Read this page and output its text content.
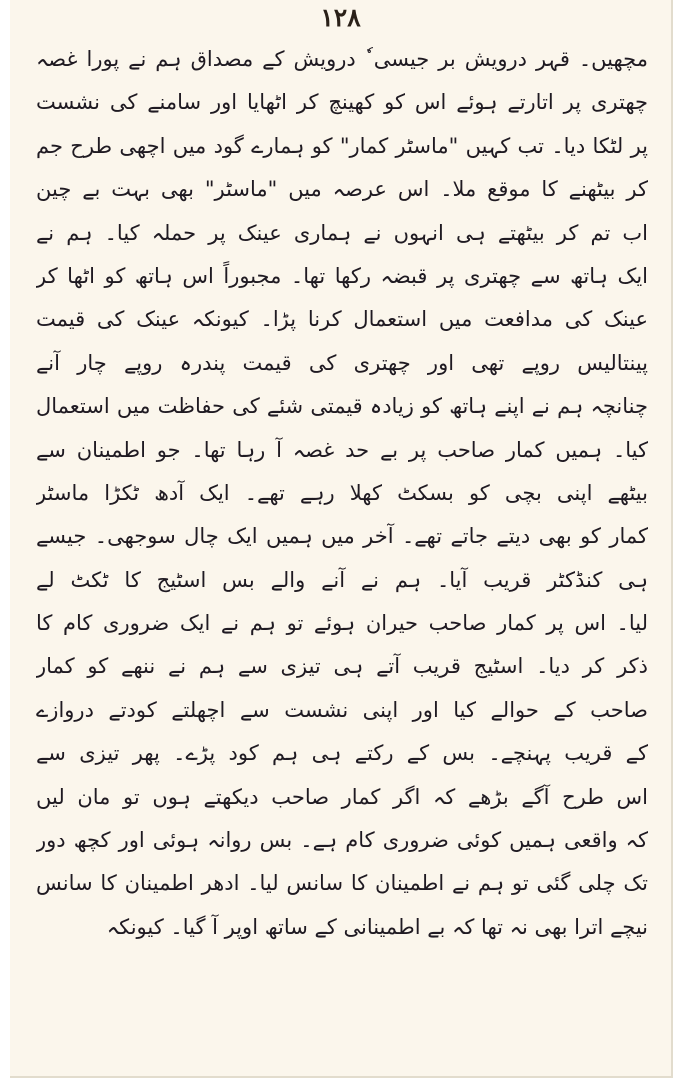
۱۲۸
مچھیں۔ قہر درویش بر جیسی ٗ درویش کے مصداق ہم نے پورا غصہ
چھتری پر اتارتے ہوئے اس کو کھینچ کر اٹھایا اور سامنے کی نشست
پر لٹکا دیا۔ تب کہیں "ماسٹر کمار" کو ہمارے گود میں اچھی طرح جم
کر بیٹھنے کا موقع ملا۔ اس عرصہ میں "ماسٹر" بھی بہت بے چین
اب تم کر بیٹھتے ہی انہوں نے ہماری عینک پر حملہ کیا۔ ہم نے
ایک ہاتھ سے چھتری پر قبضہ رکھا تھا۔ مجبوراً اس ہاتھ کو اٹھا کر
عینک کی مدافعت میں استعمال کرنا پڑا۔ کیونکہ عینک کی قیمت
پینتالیس روپے تھی اور چھتری کی قیمت پندرہ روپے چار آنے
چنانچہ ہم نے اپنے ہاتھ کو زیادہ قیمتی شئے کی حفاظت میں استعمال
کیا۔ ہمیں کمار صاحب پر بے حد غصہ آ رہا تھا۔ جو اطمینان سے
بیٹھے اپنی بچی کو بسکٹ کھلا رہے تھے۔ ایک آدھ ٹکڑا ماسٹر
کمار کو بھی دیتے جاتے تھے۔ آخر میں ہمیں ایک چال سوجھی۔ جیسے
ہی کنڈکٹر قریب آیا۔ ہم نے آنے والے بس اسٹیج کا ٹکٹ لے
لیا۔ اس پر کمار صاحب حیران ہوئے تو ہم نے ایک ضروری کام کا
ذکر کر دیا۔ اسٹیج قریب آتے ہی تیزی سے ہم نے ننھے کو کمار
صاحب کے حوالے کیا اور اپنی نشست سے اچھلتے کودتے دروازے
کے قریب پہنچے۔ بس کے رکتے ہی ہم کود پڑے۔ پھر تیزی سے
اس طرح آگے بڑھے کہ اگر کمار صاحب دیکھتے ہوں تو مان لیں
کہ واقعی ہمیں کوئی ضروری کام ہے۔ بس روانہ ہوئی اور کچھ دور
تک چلی گئی تو ہم نے اطمینان کا سانس لیا۔ ادھر اطمینان کا سانس
نیچے اترا بھی نہ تھا کہ بے اطمینانی کے ساتھ اوپر آ گیا۔ کیونکہ
